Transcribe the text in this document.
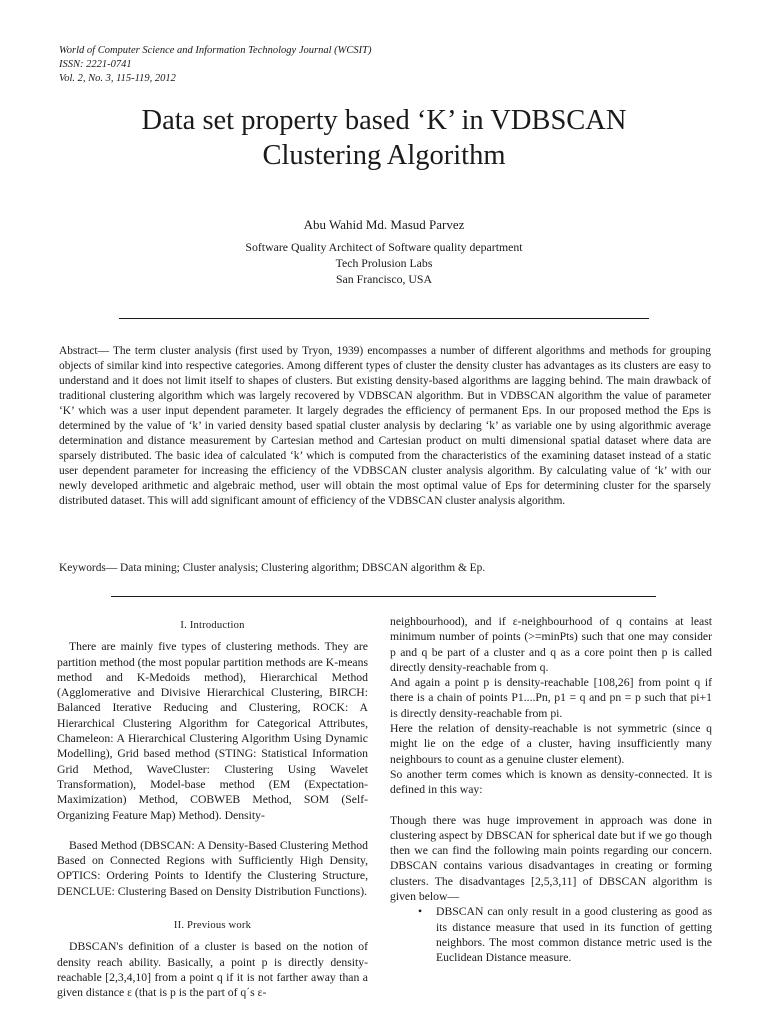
World of Computer Science and Information Technology Journal (WCSIT)
ISSN: 2221-0741
Vol. 2, No. 3, 115-119, 2012
Data set property based ‘K’ in VDBSCAN
Clustering Algorithm
Abu Wahid Md. Masud Parvez
Software Quality Architect of Software quality department
Tech Prolusion Labs
San Francisco, USA
Abstract— The term cluster analysis (first used by Tryon, 1939) encompasses a number of different algorithms and methods for grouping objects of similar kind into respective categories. Among different types of cluster the density cluster has advantages as its clusters are easy to understand and it does not limit itself to shapes of clusters. But existing density-based algorithms are lagging behind. The main drawback of traditional clustering algorithm which was largely recovered by VDBSCAN algorithm. But in VDBSCAN algorithm the value of parameter ‘K’ which was a user input dependent parameter. It largely degrades the efficiency of permanent Eps. In our proposed method the Eps is determined by the value of ‘k’ in varied density based spatial cluster analysis by declaring ‘k’ as variable one by using algorithmic average determination and distance measurement by Cartesian method and Cartesian product on multi dimensional spatial dataset where data are sparsely distributed. The basic idea of calculated ‘k’ which is computed from the characteristics of the examining dataset instead of a static user dependent parameter for increasing the efficiency of the VDBSCAN cluster analysis algorithm. By calculating value of ‘k’ with our newly developed arithmetic and algebraic method, user will obtain the most optimal value of Eps for determining cluster for the sparsely distributed dataset. This will add significant amount of efficiency of the VDBSCAN cluster analysis algorithm.
Keywords— Data mining; Cluster analysis; Clustering algorithm; DBSCAN algorithm & Ep.
I. Introduction

There are mainly five types of clustering methods. They are partition method (the most popular partition methods are K-means method and K-Medoids method), Hierarchical Method (Agglomerative and Divisive Hierarchical Clustering, BIRCH: Balanced Iterative Reducing and Clustering, ROCK: A Hierarchical Clustering Algorithm for Categorical Attributes, Chameleon: A Hierarchical Clustering Algorithm Using Dynamic Modelling), Grid based method (STING: Statistical Information Grid Method, WaveCluster: Clustering Using Wavelet Transformation), Model-base method (EM (Expectation-Maximization) Method, COBWEB Method, SOM (Self-Organizing Feature Map) Method). Density-

Based Method (DBSCAN: A Density-Based Clustering Method Based on Connected Regions with Sufficiently High Density, OPTICS: Ordering Points to Identify the Clustering Structure, DENCLUE: Clustering Based on Density Distribution Functions).

II. Previous work

DBSCAN's definition of a cluster is based on the notion of density reach ability. Basically, a point p is directly density-reachable [2,3,4,10] from a point q if it is not farther away than a given distance ε (that is p is the part of q΄s ε-

neighbourhood), and if ε-neighbourhood of q contains at least minimum number of points (>=minPts) such that one may consider p and q be part of a cluster and q as a core point then p is called directly density-reachable from q.

And again a point p is density-reachable [108,26] from point q if there is a chain of points P1....Pn, p1 = q and pn = p such that pi+1 is directly density-reachable from pi.

Here the relation of density-reachable is not symmetric (since q might lie on the edge of a cluster, having insufficiently many neighbours to count as a genuine cluster element).

So another term comes which is known as density-connected. It is defined in this way:

Though there was huge improvement in approach was done in clustering aspect by DBSCAN for spherical date but if we go though then we can find the following main points regarding our concern. DBSCAN contains various disadvantages in creating or forming clusters. The disadvantages [2,5,3,11] of DBSCAN algorithm is given below—

• DBSCAN can only result in a good clustering as good as its distance measure that used in its function of getting neighbors. The most common distance metric used is the Euclidean Distance measure.
